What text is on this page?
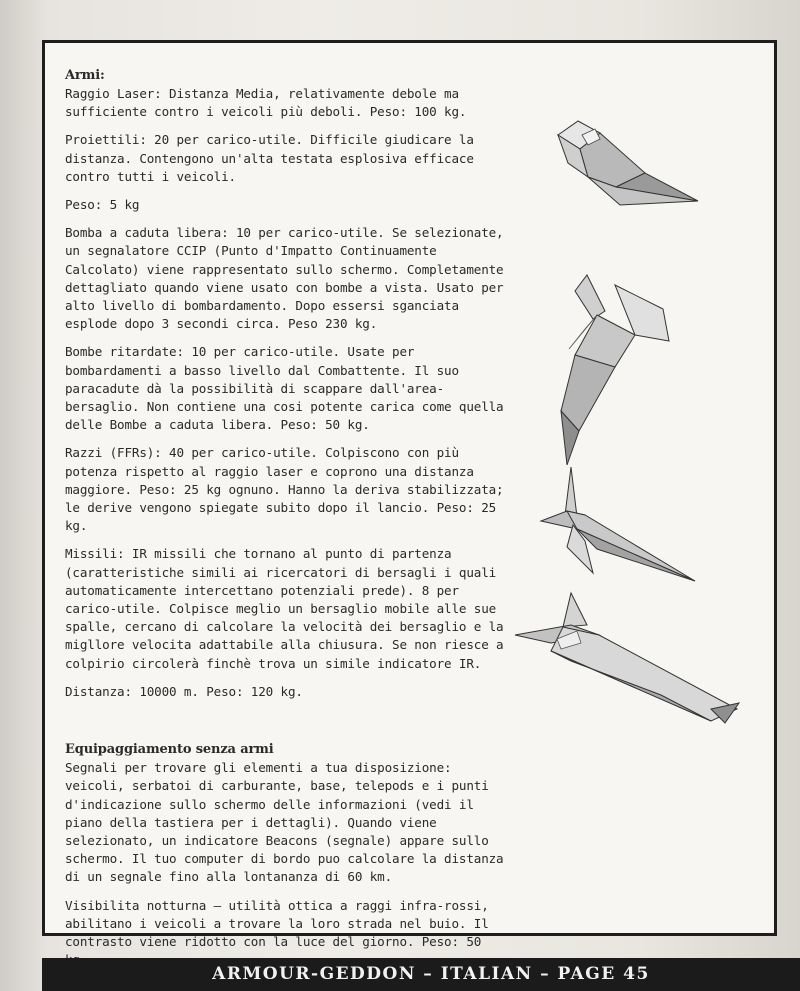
Armi:

Raggio Laser: Distanza Media, relativamente debole ma sufficiente contro i veicoli più deboli. Peso: 100 kg.

Proiettili: 20 per carico-utile. Difficile giudicare la distanza. Contengono un'alta testata esplosiva efficace contro tutti i veicoli.

Peso: 5 kg

Bomba a caduta libera: 10 per carico-utile. Se selezionate, un segnalatore CCIP (Punto d'Impatto Continuamente Calcolato) viene rappresentato sullo schermo. Completamente dettagliato quando viene usato con bombe a vista. Usato per alto livello di bombardamento. Dopo essersi sganciata esplode dopo 3 secondi circa. Peso 230 kg.

Bombe ritardate: 10 per carico-utile. Usate per bombardamenti a basso livello dal Combattente. Il suo paracadute dà la possibilità di scappare dall'area-bersaglio. Non contiene una cosi potente carica come quella delle Bombe a caduta libera. Peso: 50 kg.

Razzi (FFRs): 40 per carico-utile. Colpiscono con più potenza rispetto al raggio laser e coprono una distanza maggiore. Peso: 25 kg ognuno. Hanno la deriva stabilizzata; le derive vengono spiegate subito dopo il lancio. Peso: 25 kg.

Missili: IR missili che tornano al punto di partenza (caratteristiche simili ai ricercatori di bersagli i quali automaticamente intercettano potenziali prede). 8 per carico-utile. Colpisce meglio un bersaglio mobile alle sue spalle, cercano di calcolare la velocità dei bersaglio e la migllore velocita adattabile alla chiusura. Se non riesce a colpirio circolerà finchè trova un simile indicatore IR.

Distanza: 10000 m. Peso: 120 kg.

Equipaggiamento senza armi

Segnali per trovare gli elementi a tua disposizione: veicoli, serbatoi di carburante, base, telepods e i punti d'indicazione sullo schermo delle informazioni (vedi il piano della tastiera per i dettagli). Quando viene selezionato, un indicatore Beacons (segnale) appare sullo schermo. Il tuo computer di bordo puo calcolare la distanza di un segnale fino alla lontananza di 60 km.

Visibilita notturna – utilità ottica a raggi infra-rossi, abilitano i veicoli a trovare la loro strada nel buio. Il contrasto viene ridotto con la luce del giorno. Peso: 50

ARMOUR-GEDDON – ITALIAN – PAGE 45
